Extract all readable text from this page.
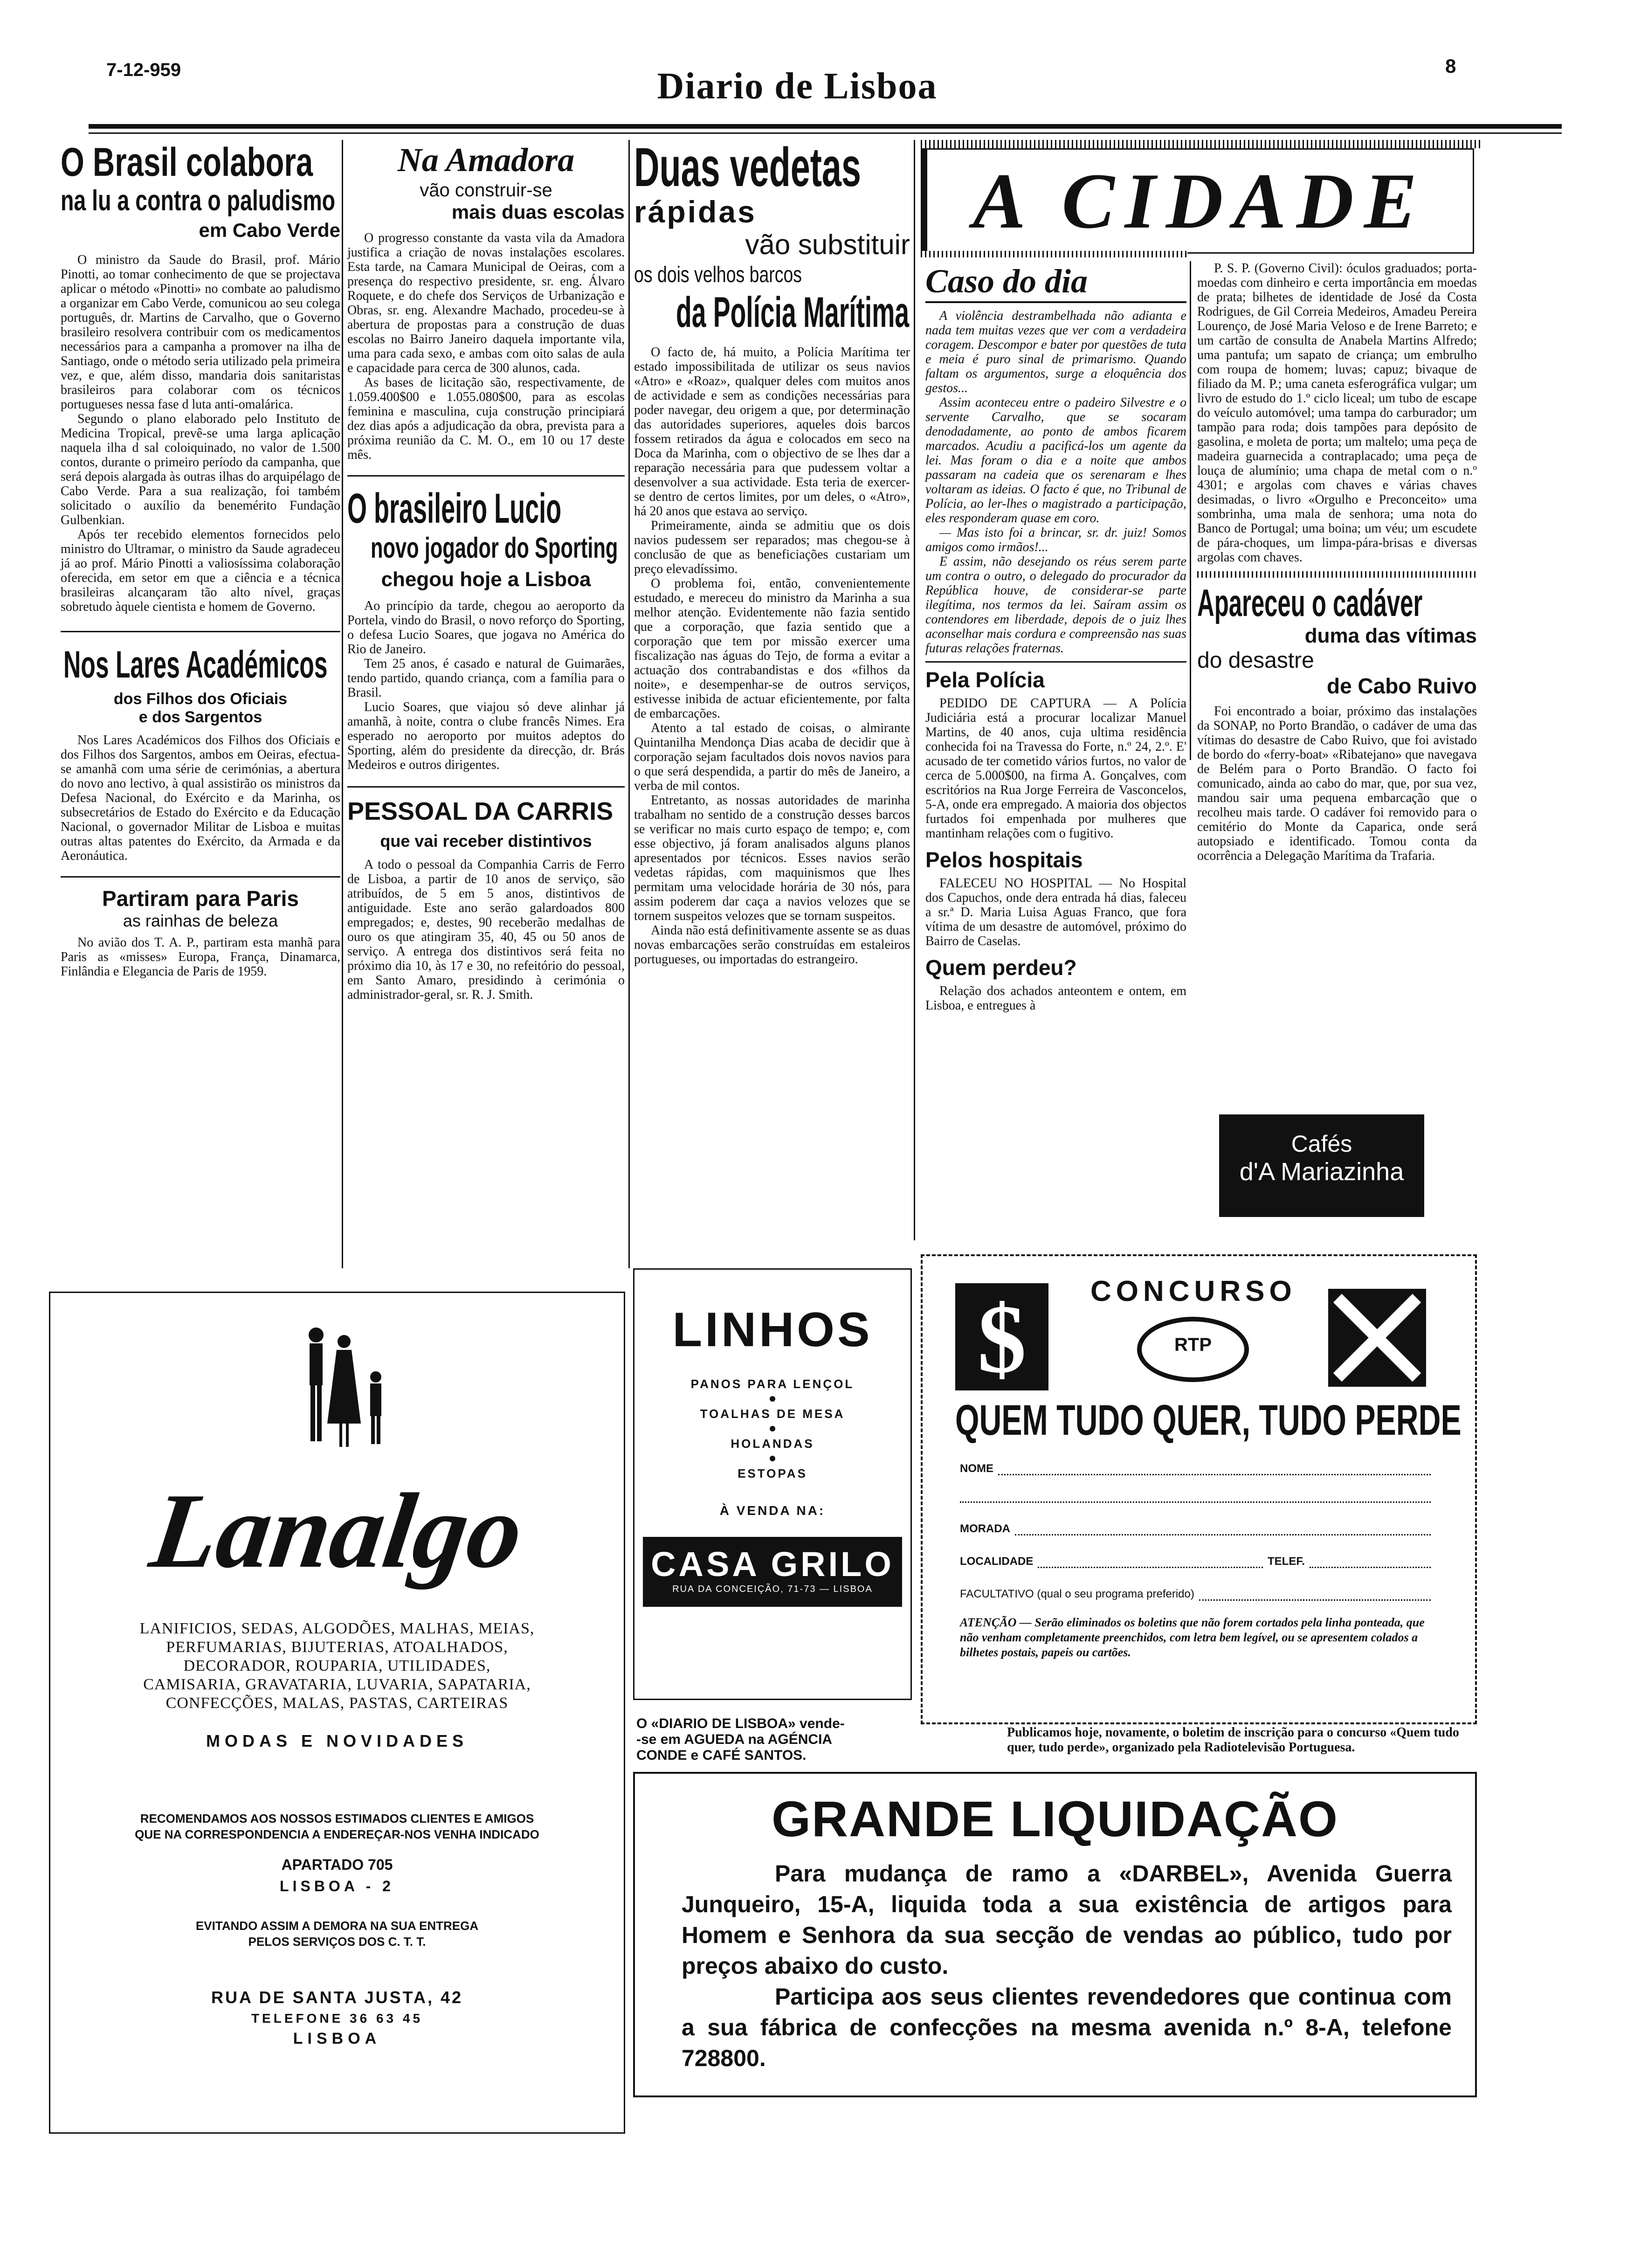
7-12-959	Diario de Lisboa	8
O Brasil colabora
na lu a contra o paludismo
em Cabo Verde

O ministro da Saude do Brasil, prof. Mário Pinotti, ao tomar conhecimento de que se projectava aplicar o método «Pinotti» no combate ao paludismo a organizar em Cabo Verde, comunicou ao seu colega português, dr. Martins de Carvalho, que o Governo brasileiro resolvera contribuir com os medicamentos necessários para a campanha a promover na ilha de Santiago, onde o método seria utilizado pela primeira vez, e que, além disso, mandaria dois sanitaristas brasileiros para colaborar com os técnicos portugueses nessa fase d luta anti-omalárica.

Segundo o plano elaborado pelo Instituto de Medicina Tropical, prevê-se uma larga aplicação naquela ilha d sal coloiquinado, no valor de 1.500 contos, durante o primeiro período da campanha, que será depois alargada às outras ilhas do arquipélago de Cabo Verde. Para a sua realização, foi também solicitado o auxílio da benemérito Fundação Gulbenkian.

Após ter recebido elementos fornecidos pelo ministro do Ultramar, o ministro da Saude agradeceu já ao prof. Mário Pinotti a valiosíssima colaboração oferecida, em setor em que a ciência e a técnica brasileiras alcançaram tão alto nível, graças sobretudo àquele cientista e homem de Governo.

Nos Lares Académicos
dos Filhos dos Oficiais
e dos Sargentos

Nos Lares Académicos dos Filhos dos Oficiais e dos Filhos dos Sargentos, ambos em Oeiras, efectua-se amanhã com uma série de cerimónias, a abertura do novo ano lectivo, à qual assistirão os ministros da Defesa Nacional, do Exército e da Marinha, os subsecretários de Estado do Exército e da Educação Nacional, o governador Militar de Lisboa e muitas outras altas patentes do Exército, da Armada e da Aeronáutica.

Partiram para Paris
as rainhas de beleza

No avião dos T. A. P., partiram esta manhã para Paris as «misses» Europa, França, Dinamarca, Finlândia e Elegancia de Paris de 1959.

Na Amadora
vão construir-se
mais duas escolas

O progresso constante da vasta vila da Amadora justifica a criação de novas instalações escolares. Esta tarde, na Camara Municipal de Oeiras, com a presença do respectivo presidente, sr. eng. Álvaro Roquete, e do chefe dos Serviços de Urbanização e Obras, sr. eng. Alexandre Machado, procedeu-se à abertura de propostas para a construção de duas escolas no Bairro Janeiro daquela importante vila, uma para cada sexo, e ambas com oito salas de aula e capacidade para cerca de 300 alunos, cada.

As bases de licitação são, respectivamente, de 1.059.400$00 e 1.055.080$00, para as escolas feminina e masculina, cuja construção principiará dez dias após a adjudicação da obra, prevista para a próxima reunião da C. M. O., em 10 ou 17 deste mês.

O brasileiro Lucio
novo jogador do Sporting
chegou hoje a Lisboa

Ao princípio da tarde, chegou ao aeroporto da Portela, vindo do Brasil, o novo reforço do Sporting, o defesa Lucio Soares, que jogava no América do Rio de Janeiro.

Tem 25 anos, é casado e natural de Guimarães, tendo partido, quando criança, com a família para o Brasil.

Lucio Soares, que viajou só deve alinhar já amanhã, à noite, contra o clube francês Nimes. Era esperado no aeroporto por muitos adeptos do Sporting, além do presidente da direcção, dr. Brás Medeiros e outros dirigentes.

PESSOAL DA CARRIS
que vai receber distintivos

A todo o pessoal da Companhia Carris de Ferro de Lisboa, a partir de 10 anos de serviço, são atribuídos, de 5 em 5 anos, distintivos de antiguidade. Este ano serão galardoados 800 empregados; e, destes, 90 receberão medalhas de ouro os que atingiram 35, 40, 45 ou 50 anos de serviço. A entrega dos distintivos será feita no próximo dia 10, às 17 e 30, no refeitório do pessoal, em Santo Amaro, presidindo à cerimónia o administrador-geral, sr. R. J. Smith.

Duas vedetas
rápidas
vão substituir
os dois velhos barcos
da Polícia Marítima

O facto de, há muito, a Polícia Marítima ter estado impossibilitada de utilizar os seus navios «Atro» e «Roaz», qualquer deles com muitos anos de actividade e sem as condições necessárias para poder navegar, deu origem a que, por determinação das autoridades superiores, aqueles dois barcos fossem retirados da água e colocados em seco na Doca da Marinha, com o objectivo de se lhes dar a reparação necessária para que pudessem voltar a desenvolver a sua actividade. Esta teria de exercer-se dentro de certos limites, por um deles, o «Atro», há 20 anos que estava ao serviço.

Primeiramente, ainda se admitiu que os dois navios pudessem ser reparados; mas chegou-se à conclusão de que as beneficiações custariam um preço elevadíssimo.

O problema foi, então, convenientemente estudado, e mereceu do ministro da Marinha a sua melhor atenção. Evidentemente não fazia sentido que a corporação, que fazia sentido que a corporação que tem por missão exercer uma fiscalização nas águas do Tejo, de forma a evitar a actuação dos contrabandistas e dos «filhos da noite», e desempenhar-se de outros serviços, estivesse inibida de actuar eficientemente, por falta de embarcações.

Atento a tal estado de coisas, o almirante Quintanilha Mendonça Dias acaba de decidir que à corporação sejam facultados dois novos navios para o que será despendida, a partir do mês de Janeiro, a verba de mil contos.

Entretanto, as nossas autoridades de marinha trabalham no sentido de a construção desses barcos se verificar no mais curto espaço de tempo; e, com esse objectivo, já foram analisados alguns planos apresentados por técnicos. Esses navios serão vedetas rápidas, com maquinismos que lhes permitam uma velocidade horária de 30 nós, para assim poderem dar caça a navios velozes que se tornem suspeitos velozes que se tornam suspeitos.

Ainda não está definitivamente assente se as duas novas embarcações serão construídas em estaleiros portugueses, ou importadas do estrangeiro.

A CIDADE
Caso do dia

A violência destrambelhada não adianta e nada tem muitas vezes que ver com a verdadeira coragem. Descompor e bater por questões de tuta e meia é puro sinal de primarismo. Quando faltam os argumentos, surge a eloquência dos gestos...

Assim aconteceu entre o padeiro Silvestre e o servente Carvalho, que se socaram denodadamente, ao ponto de ambos ficarem marcados. Acudiu a pacificá-los um agente da lei. Mas foram o dia e a noite que ambos passaram na cadeia que os serenaram e lhes voltaram as ideias. O facto é que, no Tribunal de Polícia, ao ler-lhes o magistrado a participação, eles responderam quase em coro.

— Mas isto foi a brincar, sr. dr. juiz! Somos amigos como irmãos!...

E assim, não desejando os réus serem parte um contra o outro, o delegado do procurador da República houve, de considerar-se parte ilegítima, nos termos da lei. Saíram assim os contendores em liberdade, depois de o juiz lhes aconselhar mais cordura e compreensão nas suas futuras relações fraternas.

Pela Polícia

PEDIDO DE CAPTURA — A Polícia Judiciária está a procurar localizar Manuel Martins, de 40 anos, cuja ultima residência conhecida foi na Travessa do Forte, n.º 24, 2.º. E' acusado de ter cometido vários furtos, no valor de cerca de 5.000$00, na firma A. Gonçalves, com escritórios na Rua Jorge Ferreira de Vasconcelos, 5-A, onde era empregado. A maioria dos objectos furtados foi empenhada por mulheres que mantinham relações com o fugitivo.

Pelos hospitais

FALECEU NO HOSPITAL — No Hospital dos Capuchos, onde dera entrada há dias, faleceu a sr.ª D. Maria Luisa Aguas Franco, que fora vítima de um desastre de automóvel, próximo do Bairro de Caselas.

Quem perdeu?

Relação dos achados anteontem e ontem, em Lisboa, e entregues à

P. S. P. (Governo Civil): óculos graduados; porta-moedas com dinheiro e certa importância em moedas de prata; bilhetes de identidade de José da Costa Rodrigues, de Gil Correia Medeiros, Amadeu Pereira Lourenço, de José Maria Veloso e de Irene Barreto; e um cartão de consulta de Anabela Martins Alfredo; uma pantufa; um sapato de criança; um embrulho com roupa de homem; luvas; capuz; bivaque de filiado da M. P.; uma caneta esferográfica vulgar; um livro de estudo do 1.º ciclo liceal; um tubo de escape do veículo automóvel; uma tampa do carburador; um tampão para roda; dois tampões para depósito de gasolina, e moleta de porta; um maltelo; uma peça de madeira guarnecida a contraplacado; uma peça de louça de alumínio; uma chapa de metal com o n.º 4301; e argolas com chaves e várias chaves desimadas, o livro «Orgulho e Preconceito» uma sombrinha, uma mala de senhora; uma nota do Banco de Portugal; uma boina; um véu; um escudete de pára-choques, um limpa-pára-brisas e diversas argolas com chaves.

Apareceu o cadáver
duma das vítimas
do desastre
de Cabo Ruivo

Foi encontrado a boiar, próximo das instalações da SONAP, no Porto Brandão, o cadáver de uma das vítimas do desastre de Cabo Ruivo, que foi avistado de bordo do «ferry-boat» «Ribatejano» que navegava de Belém para o Porto Brandão. O facto foi comunicado, ainda ao cabo do mar, que, por sua vez, mandou sair uma pequena embarcação que o recolheu mais tarde. O cadáver foi removido para o cemitério do Monte da Caparica, onde será autopsiado e identificado. Tomou conta da ocorrência a Delegação Marítima da Trafaria.

Cafés
d'A Mariazinha
Lanalgo
LANIFICIOS, SEDAS, ALGODÕES, MALHAS, MEIAS,
PERFUMARIAS, BIJUTERIAS, ATOALHADOS,
DECORADOR, ROUPARIA, UTILIDADES,
CAMISARIA, GRAVATARIA, LUVARIA, SAPATARIA,
CONFECÇÕES, MALAS, PASTAS, CARTEIRAS
MODAS E NOVIDADES
RECOMENDAMOS AOS NOSSOS ESTIMADOS CLIENTES E AMIGOS
QUE NA CORRESPONDENCIA A ENDEREÇAR-NOS VENHA INDICADO
APARTADO 705
LISBOA - 2
EVITANDO ASSIM A DEMORA NA SUA ENTREGA
PELOS SERVIÇOS DOS C. T. T.
RUA DE SANTA JUSTA, 42
TELEFONE 36 63 45
LISBOA
LINHOS
PANOS PARA LENÇOL
TOALHAS DE MESA
HOLANDAS
ESTOPAS
À VENDA NA:
CASA GRILO
RUA DA CONCEIÇÃO, 71-73 — LISBOA
O «DIARIO DE LISBOA» vende-
-se em AGUEDA na AGÉNCIA
CONDE e CAFÉ SANTOS.
$ CONCURSO
RTP
QUEM TUDO QUER, TUDO PERDE
NOME
MORADA
LOCALIDADE	TELEF.
FACULTATIVO (qual o seu programa preferido)
ATENÇÃO — Serão eliminados os boletins que não forem cortados pela linha ponteada, que não venham completamente preenchidos, com letra bem legível, ou se apresentem colados a bilhetes postais, papeis ou cartões.
Publicamos hoje, novamente, o boletim de inscrição para o concurso «Quem tudo quer, tudo perde», organizado pela Radiotelevisão Portuguesa.
GRANDE LIQUIDAÇÃO

Para mudança de ramo a «DARBEL», Avenida Guerra Junqueiro, 15-A, liquida toda a sua existência de artigos para Homem e Senhora da sua secção de vendas ao público, tudo por preços abaixo do custo.

Participa aos seus clientes revendedores que continua com a sua fábrica de confecções na mesma avenida n.º 8-A, telefone 728800.
